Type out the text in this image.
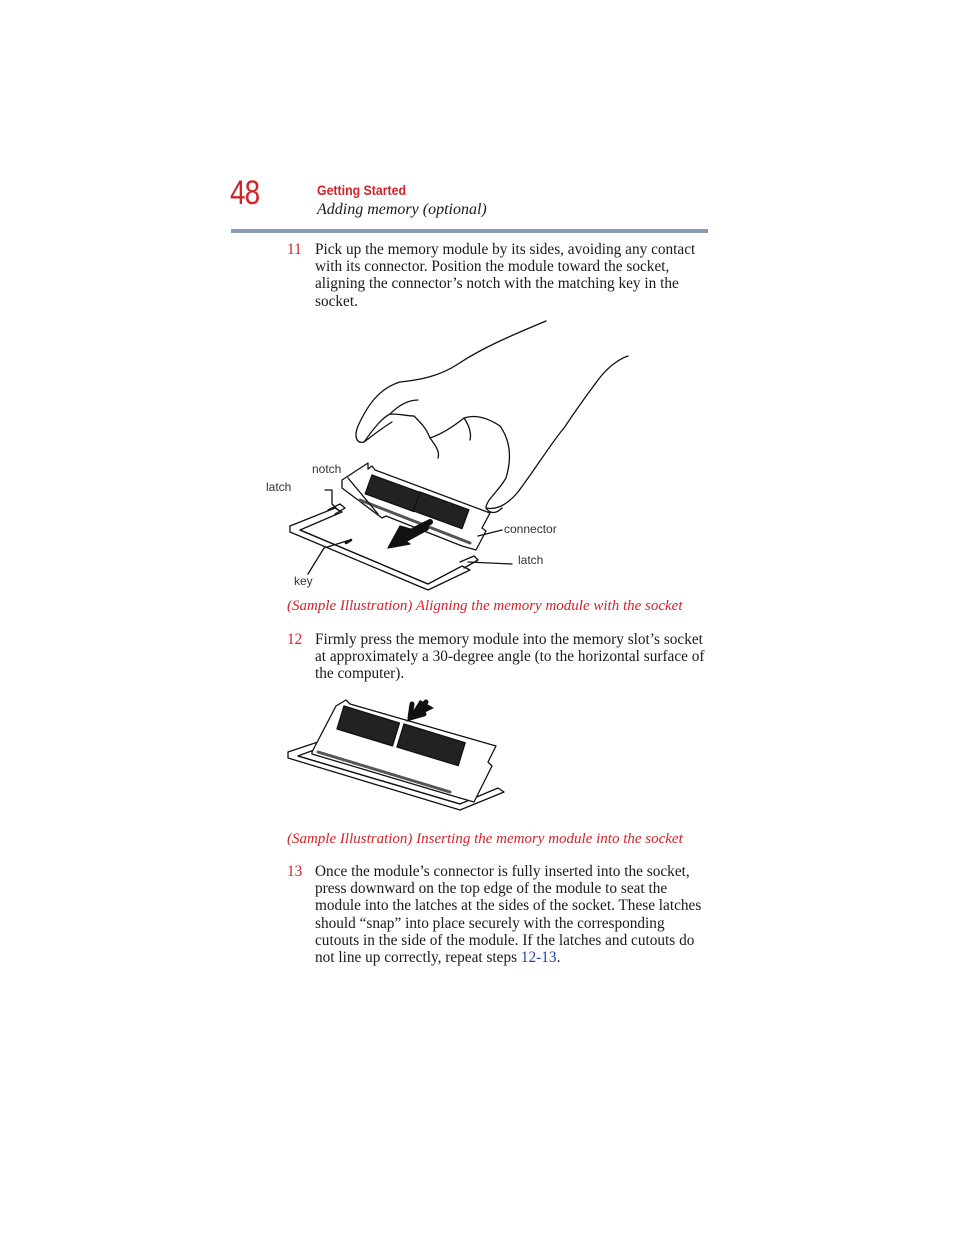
48	Getting Started
Adding memory (optional)
11 Pick up the memory module by its sides, avoiding any contact with its connector. Position the module toward the socket, aligning the connector’s notch with the matching key in the socket.
notch
latch
connector
latch
key
(Sample Illustration) Aligning the memory module with the socket
12 Firmly press the memory module into the memory slot’s socket at approximately a 30-degree angle (to the horizontal surface of the computer).
(Sample Illustration) Inserting the memory module into the socket
13 Once the module’s connector is fully inserted into the socket, press downward on the top edge of the module to seat the module into the latches at the sides of the socket. These latches should “snap” into place securely with the corresponding cutouts in the side of the module. If the latches and cutouts do not line up correctly, repeat steps 12-13.
